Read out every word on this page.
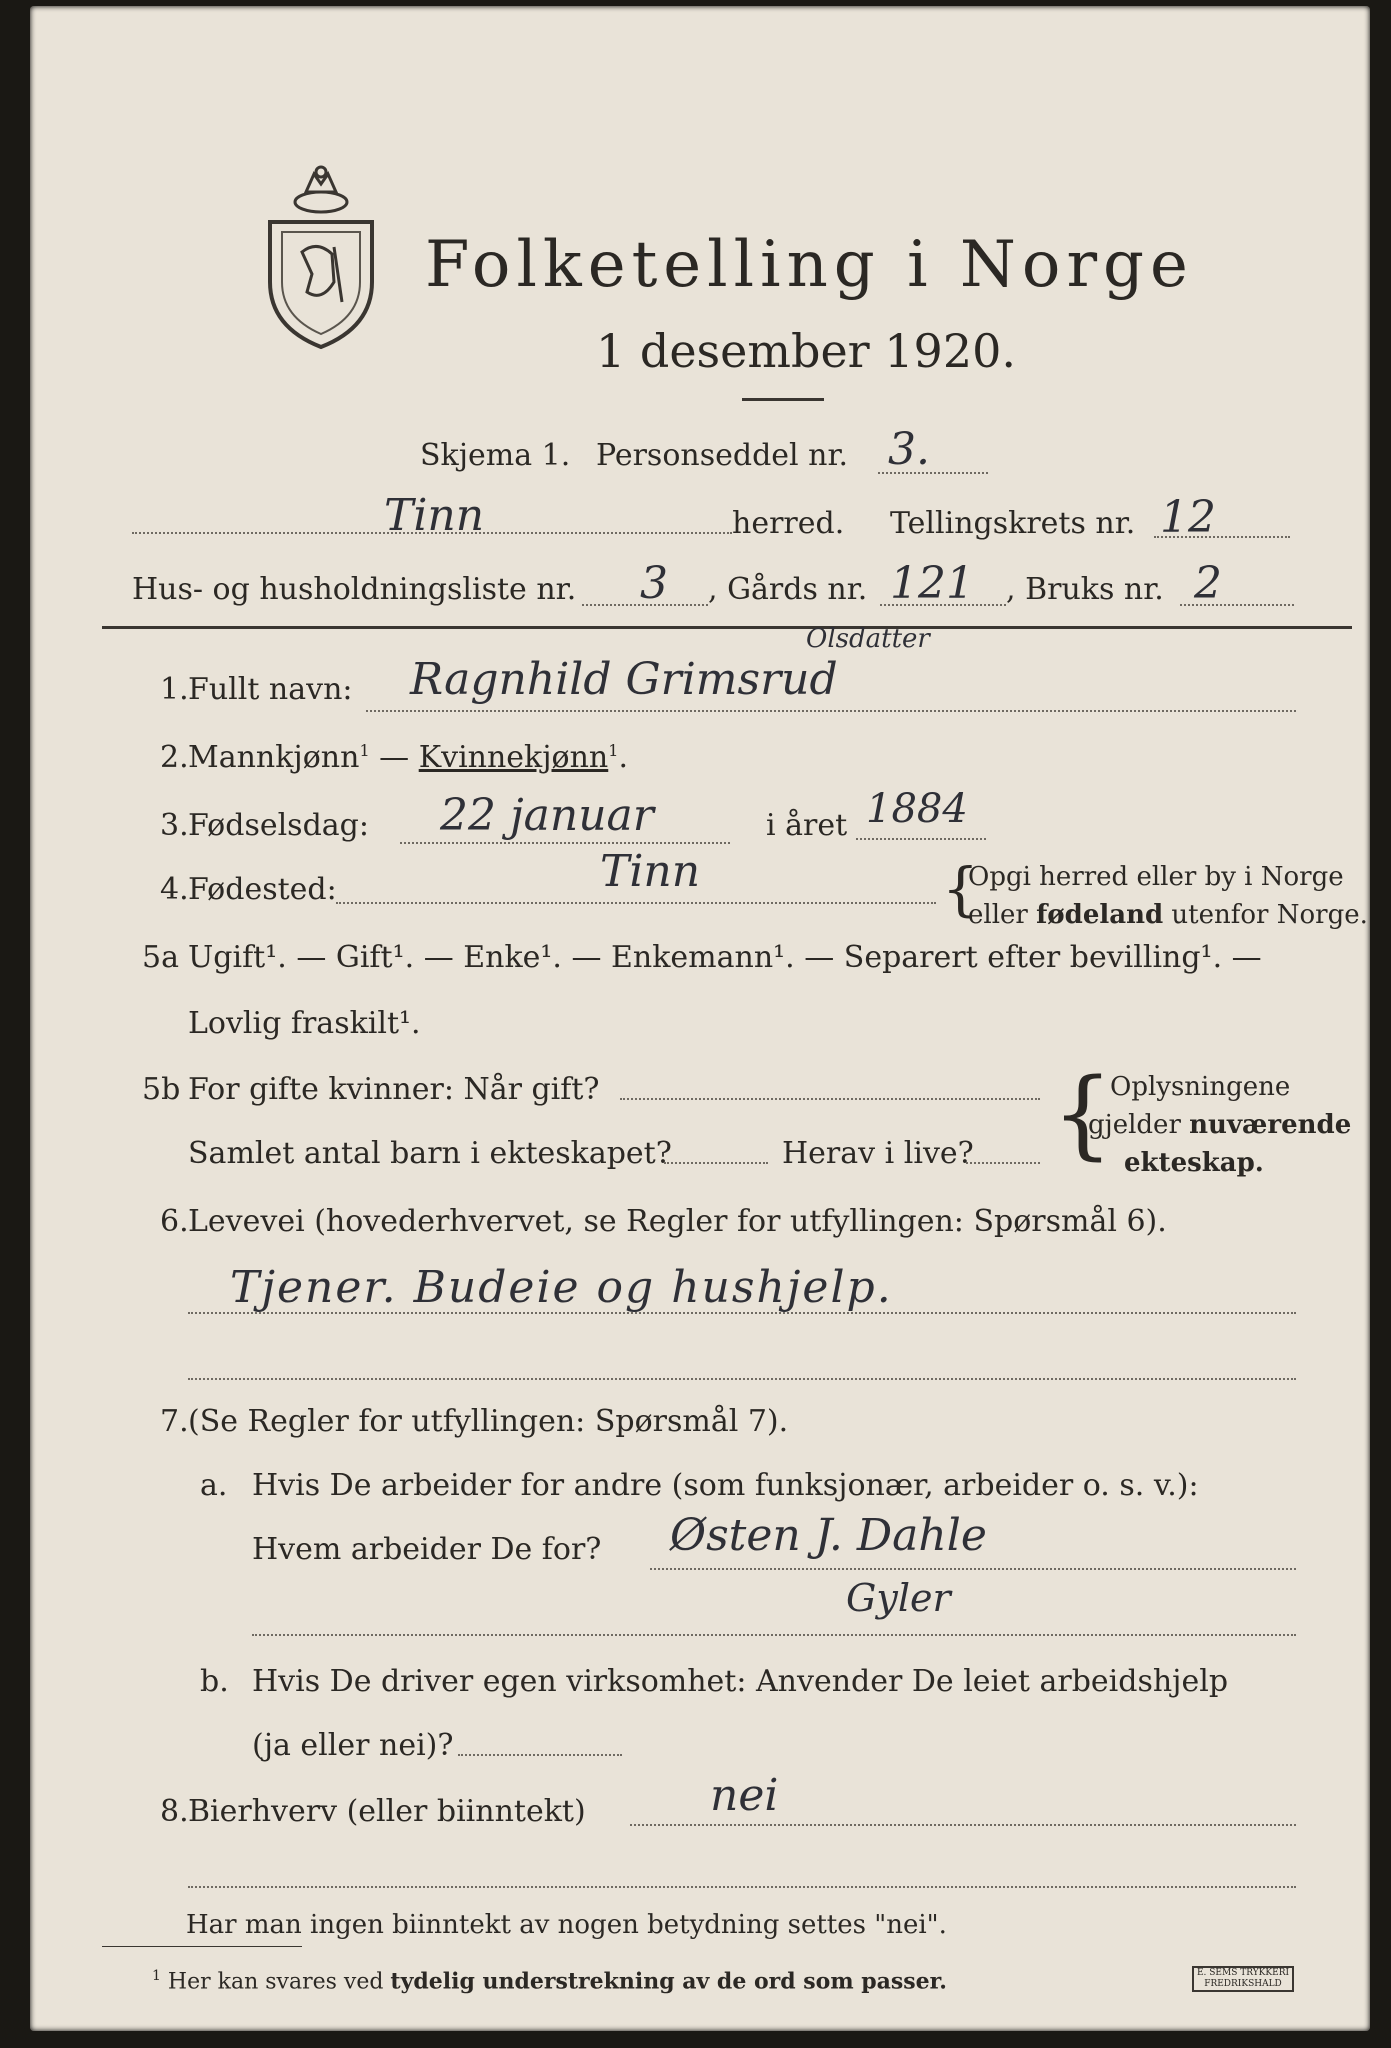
Folketelling i Norge
1 desember 1920.
Skjema 1. Personseddel nr. 3.
Tinn	herred. Tellingskrets nr. 12
Hus- og husholdningsliste nr. 3 , Gårds nr. 121 , Bruks nr. 2
1. Fullt navn:
Olsdatter
Ragnhild Grimsrud
2. Mannkjønn$^1$ — Kvinnekjønn$^1$.
3. Fødselsdag: 22 januar	i året 1884
4. Fødested:	Tinn	{
Opgi herred eller by i Norge
eller fødeland utenfor Norge.
5a Ugift¹. — Gift¹. — Enke¹. — Enkemann¹. — Separert efter bevilling¹. —
Lovlig fraskilt¹.
5b For gifte kvinner: Når gift?
Samlet antal barn i ekteskapet?	Herav i live? {
Oplysningene
gjelder nuværende
ekteskap.
6. Levevei (hovederhvervet, se Regler for utfyllingen: Spørsmål 6).
Tjener. Budeie og hushjelp.
7. (Se Regler for utfyllingen: Spørsmål 7).
a. Hvis De arbeider for andre (som funksjonær, arbeider o. s. v.):
Hvem arbeider De for? Østen J. Dahle
Gyler
b. Hvis De driver egen virksomhet: Anvender De leiet arbeidshjelp
(ja eller nei)?
8. Bierhverv (eller biinntekt)	nei
Har man ingen biinntekt av nogen betydning settes "nei".
$^1$ Her kan svares ved tydelig understrekning av de ord som passer.	E. SEMS TRYKKERI
FREDRIKSHALD
